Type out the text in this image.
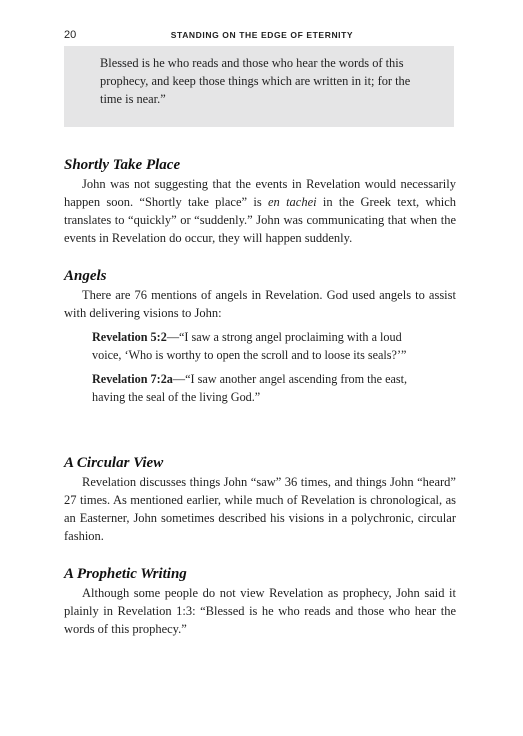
20	STANDING ON THE EDGE OF ETERNITY

Blessed is he who reads and those who hear the words of this prophecy, and keep those things which are written in it; for the time is near.”

Shortly Take Place

John was not suggesting that the events in Revelation would necessarily happen soon. “Shortly take place” is en tachei in the Greek text, which translates to “quickly” or “suddenly.” John was communicating that when the events in Revelation do occur, they will happen suddenly.

Angels

There are 76 mentions of angels in Revelation. God used angels to assist with delivering visions to John:

Revelation 5:2—“I saw a strong angel proclaiming with a loud voice, ‘Who is worthy to open the scroll and to loose its seals?’”

Revelation 7:2a—“I saw another angel ascending from the east, having the seal of the living God.”

A Circular View

Revelation discusses things John “saw” 36 times, and things John “heard” 27 times. As mentioned earlier, while much of Revelation is chronological, as an Easterner, John sometimes described his visions in a polychronic, circular fashion.

A Prophetic Writing

Although some people do not view Revelation as prophecy, John said it plainly in Revelation 1:3: “Blessed is he who reads and those who hear the words of this prophecy.”
